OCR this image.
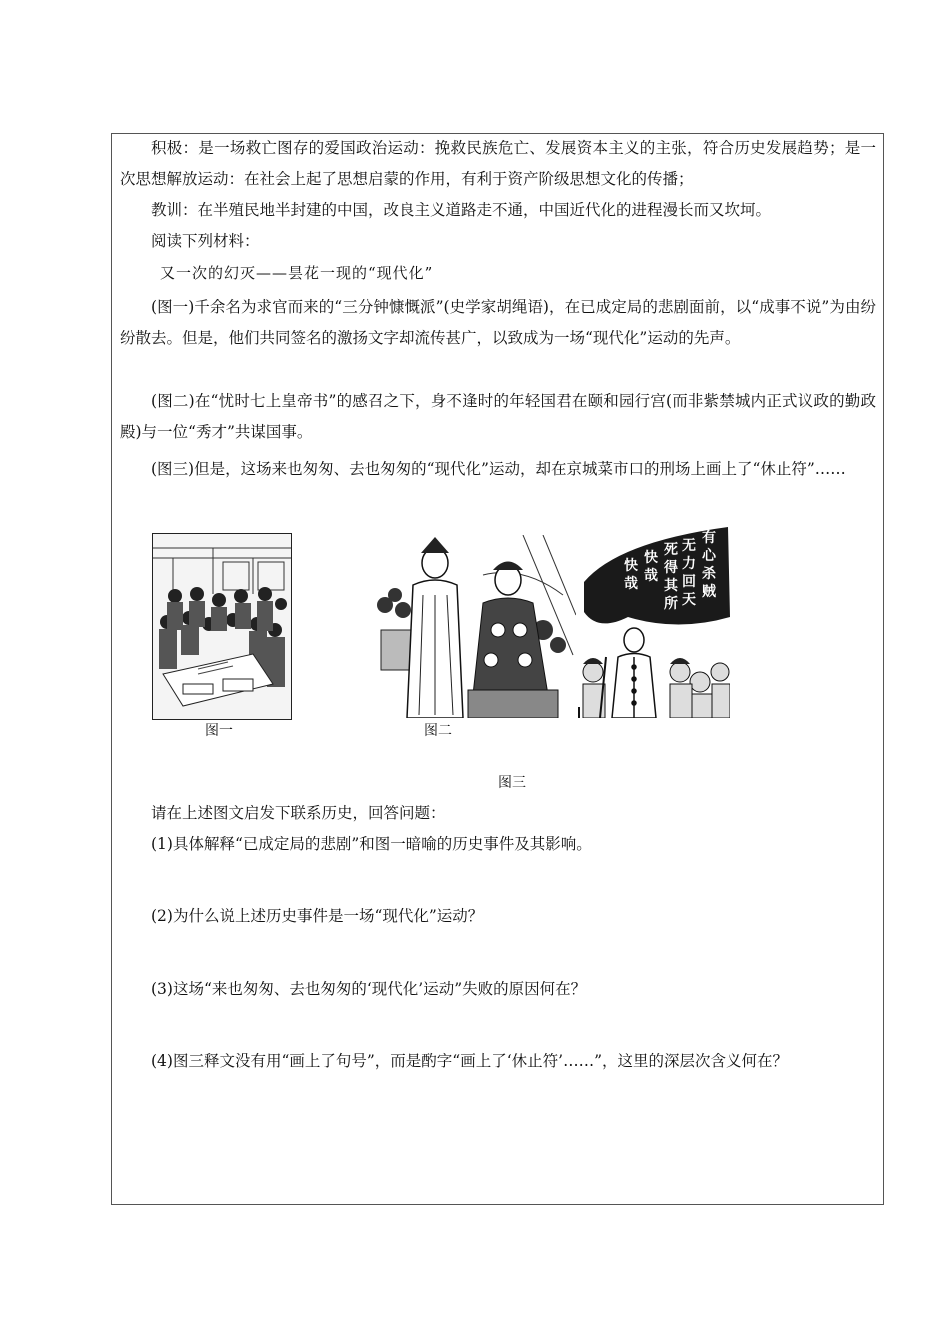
积极：是一场救亡图存的爱国政治运动：挽救民族危亡、发展资本主义的主张，符合历史发展趋势；是一次思想解放运动：在社会上起了思想启蒙的作用，有利于资产阶级思想文化的传播；

教训：在半殖民地半封建的中国，改良主义道路走不通，中国近代化的进程漫长而又坎坷。

阅读下列材料：

又一次的幻灭——昙花一现的“现代化”

(图一)千余名为求官而来的“三分钟慷慨派”(史学家胡绳语)，在已成定局的悲剧面前，以“成事不说”为由纷纷散去。但是，他们共同签名的激扬文字却流传甚广，以致成为一场“现代化”运动的先声。

(图二)在“忧时七上皇帝书”的感召之下，身不逢时的年轻国君在颐和园行宫(而非紫禁城内正式议政的勤政殿)与一位“秀才”共谋国事。

(图三)但是，这场来也匆匆、去也匆匆的“现代化”运动，却在京城菜市口的刑场上画上了“休止符”……

图一	图二
有
心
杀
贼
无
力
回
天
死
得
其
所
快
哉
快
哉
图三

请在上述图文启发下联系历史，回答问题：

(1)具体解释“已成定局的悲剧”和图一暗喻的历史事件及其影响。

(2)为什么说上述历史事件是一场“现代化”运动？

(3)这场“来也匆匆、去也匆匆的‘现代化’运动”失败的原因何在？

(4)图三释文没有用“画上了句号”，而是酌字“画上了‘休止符’……”，这里的深层次含义何在？
